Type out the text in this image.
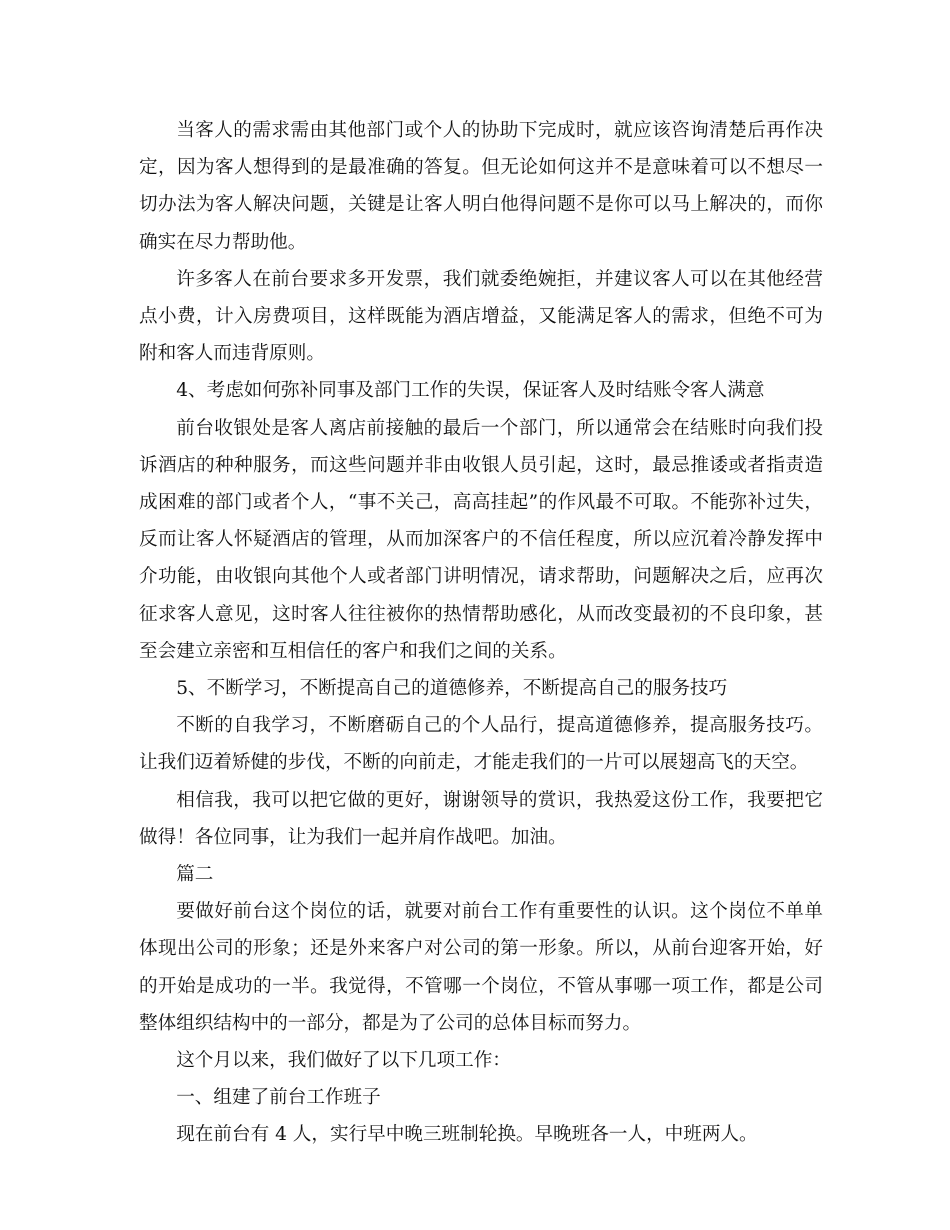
当客人的需求需由其他部门或个人的协助下完成时，就应该咨询清楚后再作决定，因为客人想得到的是最准确的答复。但无论如何这并不是意味着可以不想尽一切办法为客人解决问题，关键是让客人明白他得问题不是你可以马上解决的，而你确实在尽力帮助他。

许多客人在前台要求多开发票，我们就委绝婉拒，并建议客人可以在其他经营点小费，计入房费项目，这样既能为酒店增益，又能满足客人的需求，但绝不可为附和客人而违背原则。

4、考虑如何弥补同事及部门工作的失误，保证客人及时结账令客人满意

前台收银处是客人离店前接触的最后一个部门，所以通常会在结账时向我们投诉酒店的种种服务，而这些问题并非由收银人员引起，这时，最忌推诿或者指责造成困难的部门或者个人，“事不关己，高高挂起”的作风最不可取。不能弥补过失，反而让客人怀疑酒店的管理，从而加深客户的不信任程度，所以应沉着冷静发挥中介功能，由收银向其他个人或者部门讲明情况，请求帮助，问题解决之后，应再次征求客人意见，这时客人往往被你的热情帮助感化，从而改变最初的不良印象，甚至会建立亲密和互相信任的客户和我们之间的关系。

5、不断学习，不断提高自己的道德修养，不断提高自己的服务技巧

不断的自我学习，不断磨砺自己的个人品行，提高道德修养，提高服务技巧。让我们迈着矫健的步伐，不断的向前走，才能走我们的一片可以展翅高飞的天空。

相信我，我可以把它做的更好，谢谢领导的赏识，我热爱这份工作，我要把它做得！各位同事，让为我们一起并肩作战吧。加油。

篇二

要做好前台这个岗位的话，就要对前台工作有重要性的认识。这个岗位不单单体现出公司的形象；还是外来客户对公司的第一形象。所以，从前台迎客开始，好的开始是成功的一半。我觉得，不管哪一个岗位，不管从事哪一项工作，都是公司整体组织结构中的一部分，都是为了公司的总体目标而努力。

这个月以来，我们做好了以下几项工作：

一、组建了前台工作班子

现在前台有 4 人，实行早中晚三班制轮换。早晚班各一人，中班两人。
